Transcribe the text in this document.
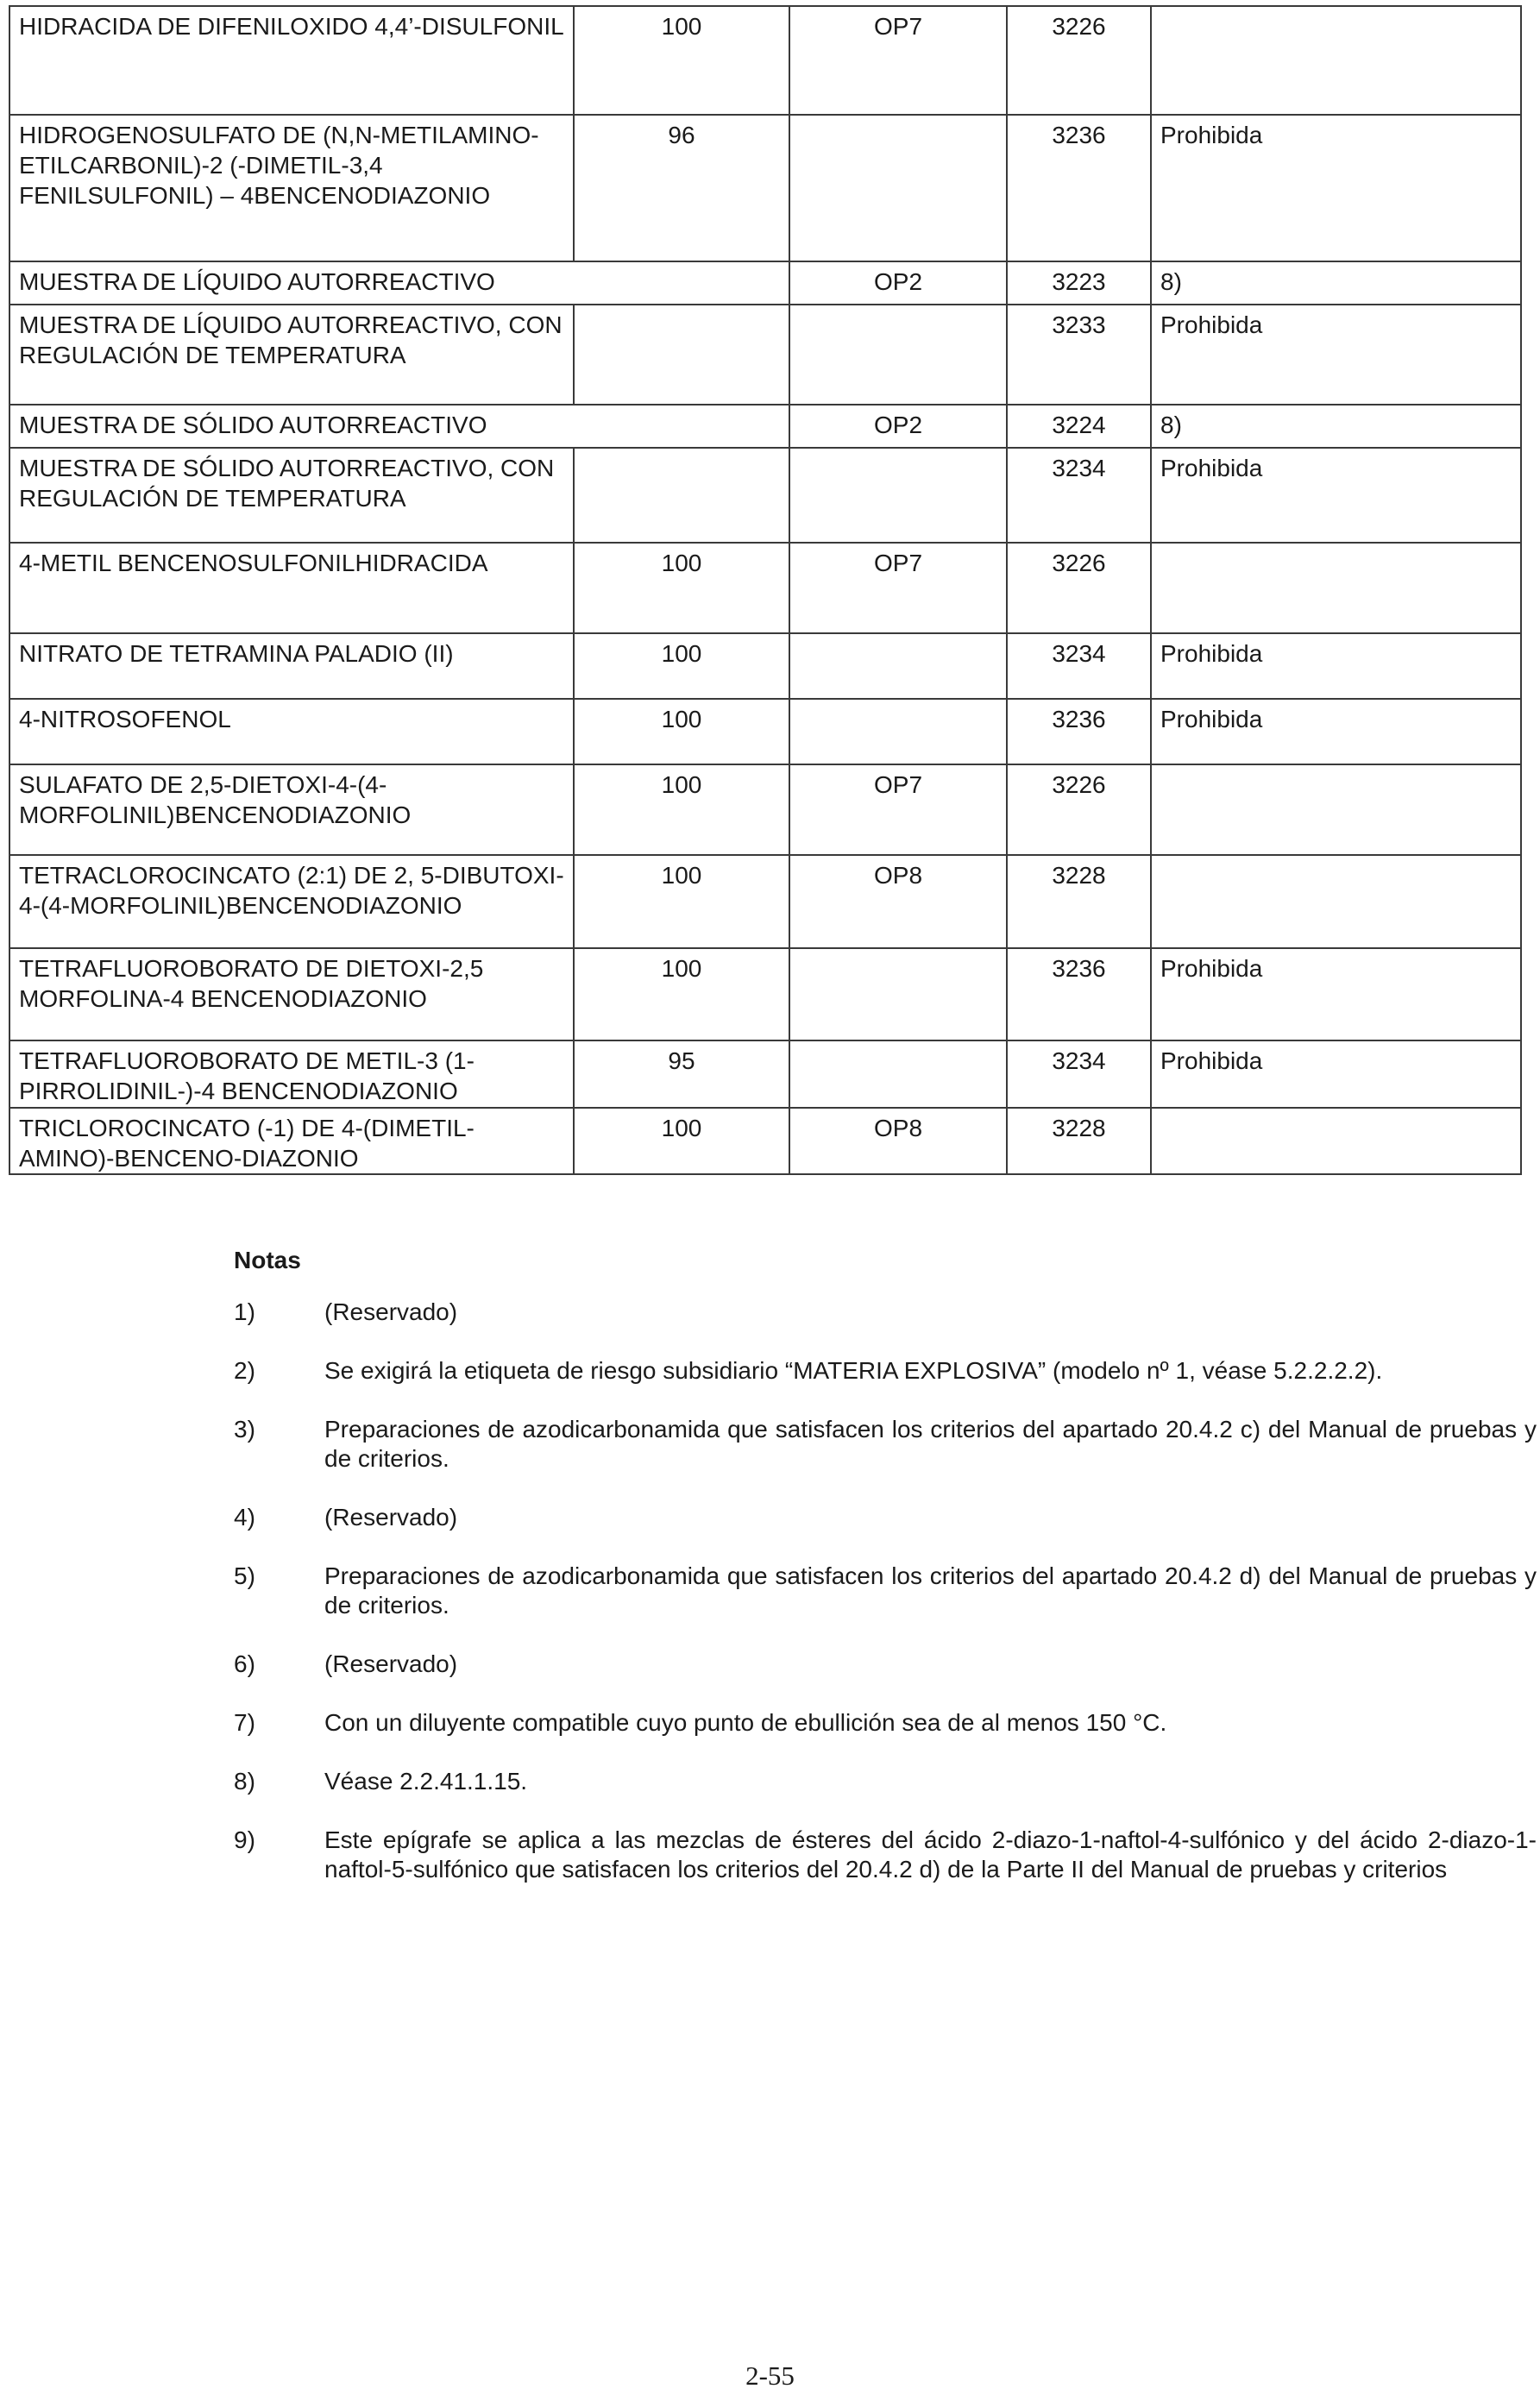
HIDRACIDA DE DIFENILOXIDO 4,4’-DISULFONIL	100	OP7	3226	
HIDROGENOSULFATO DE (N,N-METILAMINO-ETILCARBONIL)-2 (-DIMETIL-3,4 FENILSULFONIL) – 4BENCENODIAZONIO	96		3236	Prohibida
MUESTRA DE LÍQUIDO AUTORREACTIVO		OP2	3223	8)
MUESTRA DE LÍQUIDO AUTORREACTIVO, CON REGULACIÓN DE TEMPERATURA			3233	Prohibida
MUESTRA DE SÓLIDO AUTORREACTIVO		OP2	3224	8)
MUESTRA DE SÓLIDO AUTORREACTIVO, CON REGULACIÓN DE TEMPERATURA			3234	Prohibida
4-METIL BENCENOSULFONILHIDRACIDA	100	OP7	3226	
NITRATO DE TETRAMINA PALADIO (II)	100		3234	Prohibida
4-NITROSOFENOL	100		3236	Prohibida
SULAFATO DE 2,5-DIETOXI-4-(4-MORFOLINIL)BENCENODIAZONIO	100	OP7	3226	
TETRACLOROCINCATO (2:1) DE 2, 5-DIBUTOXI-4-(4-MORFOLINIL)BENCENODIAZONIO	100	OP8	3228	
TETRAFLUOROBORATO DE DIETOXI-2,5 MORFOLINA-4 BENCENODIAZONIO	100		3236	Prohibida
TETRAFLUOROBORATO DE METIL-3 (1-PIRROLIDINIL-)-4 BENCENODIAZONIO	95		3234	Prohibida
TRICLOROCINCATO (-1) DE 4-(DIMETIL-AMINO)-BENCENO-DIAZONIO	100	OP8	3228	
Notas
1)	(Reservado)
2)	Se exigirá la etiqueta de riesgo subsidiario “MATERIA EXPLOSIVA” (modelo nº 1, véase 5.2.2.2.2).
3)	Preparaciones de azodicarbonamida que satisfacen los criterios del apartado 20.4.2 c) del Manual de pruebas y de criterios.
4)	(Reservado)
5)	Preparaciones de azodicarbonamida que satisfacen los criterios del apartado 20.4.2 d) del Manual de pruebas y de criterios.
6)	(Reservado)
7)	Con un diluyente compatible cuyo punto de ebullición sea de al menos 150 °C.
8)	Véase 2.2.41.1.15.
9)	Este epígrafe se aplica a las mezclas de ésteres del ácido 2-diazo-1-naftol-4-sulfónico y del ácido 2-diazo-1-naftol-5-sulfónico que satisfacen los criterios del 20.4.2 d) de la Parte II del Manual de pruebas y criterios
2-55
